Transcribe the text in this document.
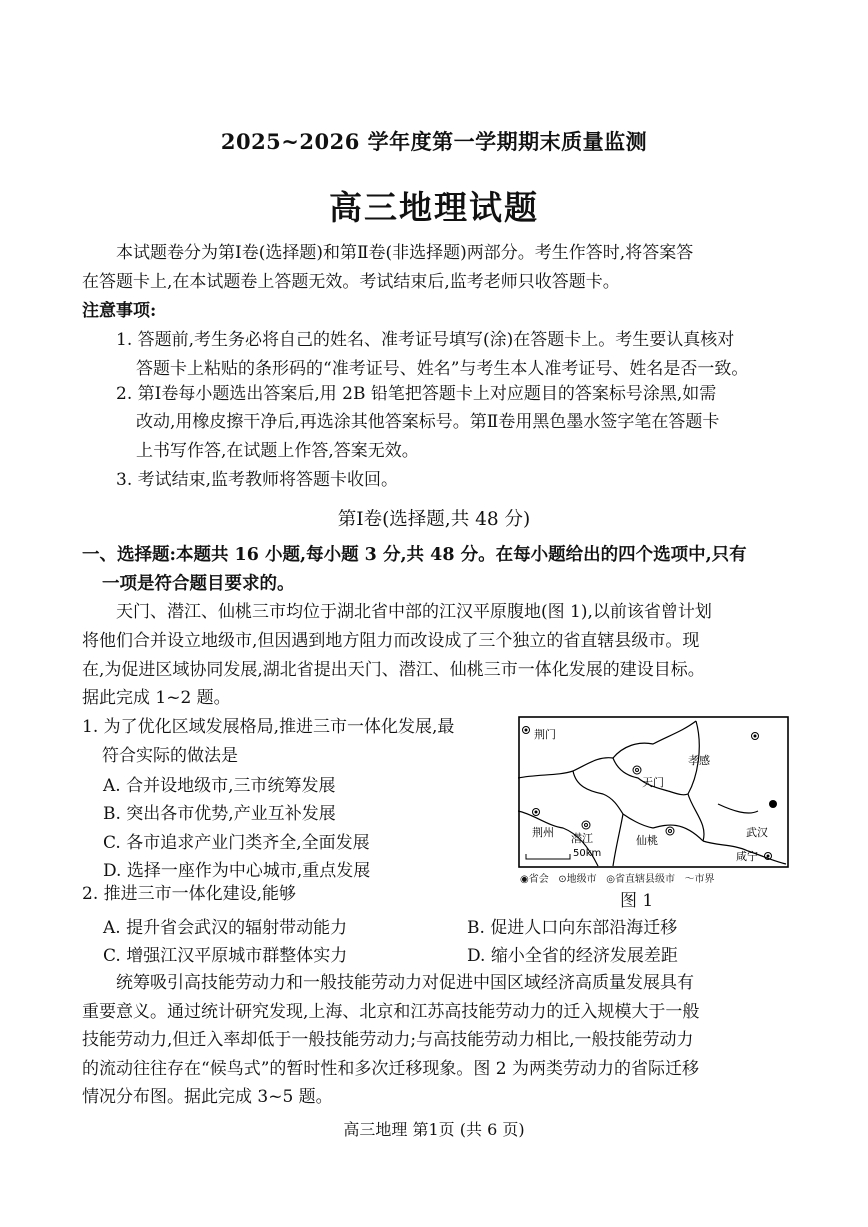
2025~2026 学年度第一学期期末质量监测
高三地理试题
本试题卷分为第Ⅰ卷(选择题)和第Ⅱ卷(非选择题)两部分。考生作答时,将答案答
在答题卡上,在本试题卷上答题无效。考试结束后,监考老师只收答题卡。
注意事项:
1. 答题前,考生务必将自己的姓名、准考证号填写(涂)在答题卡上。考生要认真核对
答题卡上粘贴的条形码的“准考证号、姓名”与考生本人准考证号、姓名是否一致。
2. 第Ⅰ卷每小题选出答案后,用 2B 铅笔把答题卡上对应题目的答案标号涂黑,如需
改动,用橡皮擦干净后,再选涂其他答案标号。第Ⅱ卷用黑色墨水签字笔在答题卡
上书写作答,在试题上作答,答案无效。
3. 考试结束,监考教师将答题卡收回。
第Ⅰ卷(选择题,共 48 分)
一、选择题:本题共 16 小题,每小题 3 分,共 48 分。在每小题给出的四个选项中,只有
一项是符合题目要求的。
天门、潜江、仙桃三市均位于湖北省中部的江汉平原腹地(图 1),以前该省曾计划
将他们合并设立地级市,但因遇到地方阻力而改设成了三个独立的省直辖县级市。现
在,为促进区域协同发展,湖北省提出天门、潜江、仙桃三市一体化发展的建设目标。
据此完成 1~2 题。
1. 为了优化区域发展格局,推进三市一体化发展,最
符合实际的做法是
A. 合并设地级市,三市统筹发展
B. 突出各市优势,产业互补发展
C. 各市追求产业门类齐全,全面发展
D. 选择一座作为中心城市,重点发展
2. 推进三市一体化建设,能够
A. 提升省会武汉的辐射带动能力	B. 促进人口向东部沿海迁移
C. 增强江汉平原城市群整体实力	D. 缩小全省的经济发展差距
荆门
孝感
天门
武汉
潜江	仙桃
荆州
咸宁
50km
◉省会 ⊙地级市 ◎省直辖县级市 〜市界
图 1
统筹吸引高技能劳动力和一般技能劳动力对促进中国区域经济高质量发展具有
重要意义。通过统计研究发现,上海、北京和江苏高技能劳动力的迁入规模大于一般
技能劳动力,但迁入率却低于一般技能劳动力;与高技能劳动力相比,一般技能劳动力
的流动往往存在“候鸟式”的暂时性和多次迁移现象。图 2 为两类劳动力的省际迁移
情况分布图。据此完成 3~5 题。
高三地理 第1页 (共 6 页)
